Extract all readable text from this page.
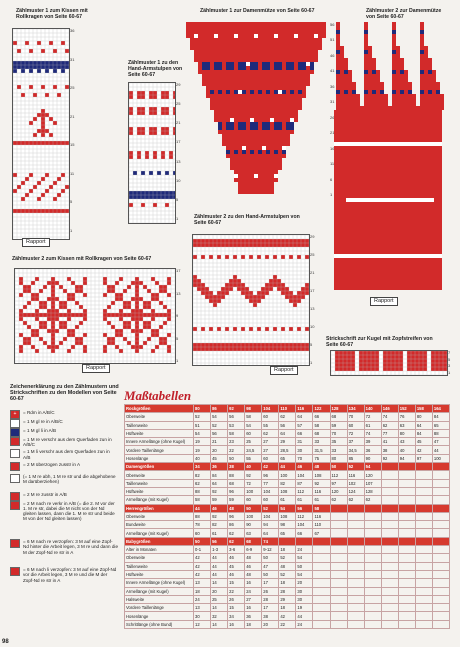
Zählmuster 1 zum Kissen mit Rollkragen von Seite 60-67
Rapport
36
31
25
21
15
11
5
1
Zählmuster 1 zu den Hand-Armstulpen von Seite 60-67
29
25
21
17
13
10
5
1
Zählmuster 1 zur Damenmütze von Seite 60-67
56
51
46
41
36
31
26
21
16
11
6
1
Zählmuster 2 zur Damenmütze von Seite 60-67
Rapport
Zählmuster 2 zum Kissen mit Rollkragen von Seite 60-67
Rapport
17
13
9
5
1
Zählmuster 2 zu den Hand-Armstulpen von Seite 60-67
Rapport
29
25
21
17
13
10
5
1
Strickschrift zur Kugel mit Zopfstreifen von Seite 60-67
7
5
3
1
Zeichenerklärung zu den Zählmustern und Strickschriften zu den Modellen von Seite 60-67
+	= Rdm in A/B/C
= 1 M gl re in A/B/C
= 1 M gl li in A/B
= 1 M re verschr aus dem Querfaden zun in A/B/C
= 1 M li verschr aus dem Querfaden zun in A/B
= 2 M überzogen zusstr in A
(= 1 M re abh, 1 M re str und die abgehobene M darüberziehen)
= 2 M re zusstr in A/B
= 2 M nach re verkr in A/B (= die 2. M vor der 1. M re str, dabei die M nicht von der Nd gleiten lassen, dann die 1. M re str und beide M von der Nd gleiten lassen)
= 6 M nach re verzopfen: 3 M auf eine Zopf-Nd hinter die Arbeit legen, 3 M re und dann die M der Zopf-Nd re str in A
= 6 M nach li verzopfen: 3 M auf eine Zopf-Nd vor die Arbeit legen, 3 M re und die M der Zopf-Nd re str in A
Maßtabellen
Rockgrößen	80	86	92	98	104	110	116	122	128	134	140	146	152	158	164
Oberweite	52	54	56	58	60	62	64	66	68	70	72	74	76	80	84
Taillenweite	51	52	53	54	55	56	57	58	59	60	61	62	63	64	65
Hüftweite	54	56	58	60	62	64	66	68	70	72	74	77	80	84	88
Innere Armellänge (ohne Kugel)	19	21	23	25	27	29	31	33	35	37	39	41	43	45	47
Vordere Taillenlänge	19	20	22	24,5	27	28,5	30	31,5	33	34,5	36	38	40	42	44
Hosenlänge	40	45	50	55	60	65	70	75	80	85	90	92	94	97	100
Damengrößen	34	36	38	40	42	44	46	48	50	52	54				
Oberweite	82	84	88	92	96	100	104	108	112	116	120				
Taillenweite	62	64	68	72	77	82	87	92	97	102	107				
Hüftweite	88	92	96	100	104	108	112	116	120	124	128				
Armellänge (mit Kugel)	58	59	59	60	60	61	61	61	62	62	62				
Herrengrößen	44	46	48	50	52	54	56	58							
Oberweite	88	92	96	100	104	108	112	116							
Bundweite	78	82	86	90	94	98	104	110							
Armellänge (mit Kugel)	60	61	62	63	64	65	66	67							
Babygrößen	50	56	62	68	74										
Alter in Monaten	0-1	1-3	3-6	6-9	9-12	18	24								
Oberweite	42	44	46	48	50	52	54								
Taillenweite	42	44	45	46	47	48	50								
Hüftweite	42	44	46	48	50	52	54								
Innere Armellänge (ohne Kugel)	13	14	15	16	17	18	20								
Armellänge (mit Kugel)	18	20	22	24	26	28	30								
Halsweite	24	25	26	27	28	29	30								
Vordere Taillenlänge	13	14	15	16	17	18	19								
Hosenlänge	30	32	34	36	38	42	44								
Schrittlänge (ohne Bund)	12	14	16	18	20	22	24								
98
